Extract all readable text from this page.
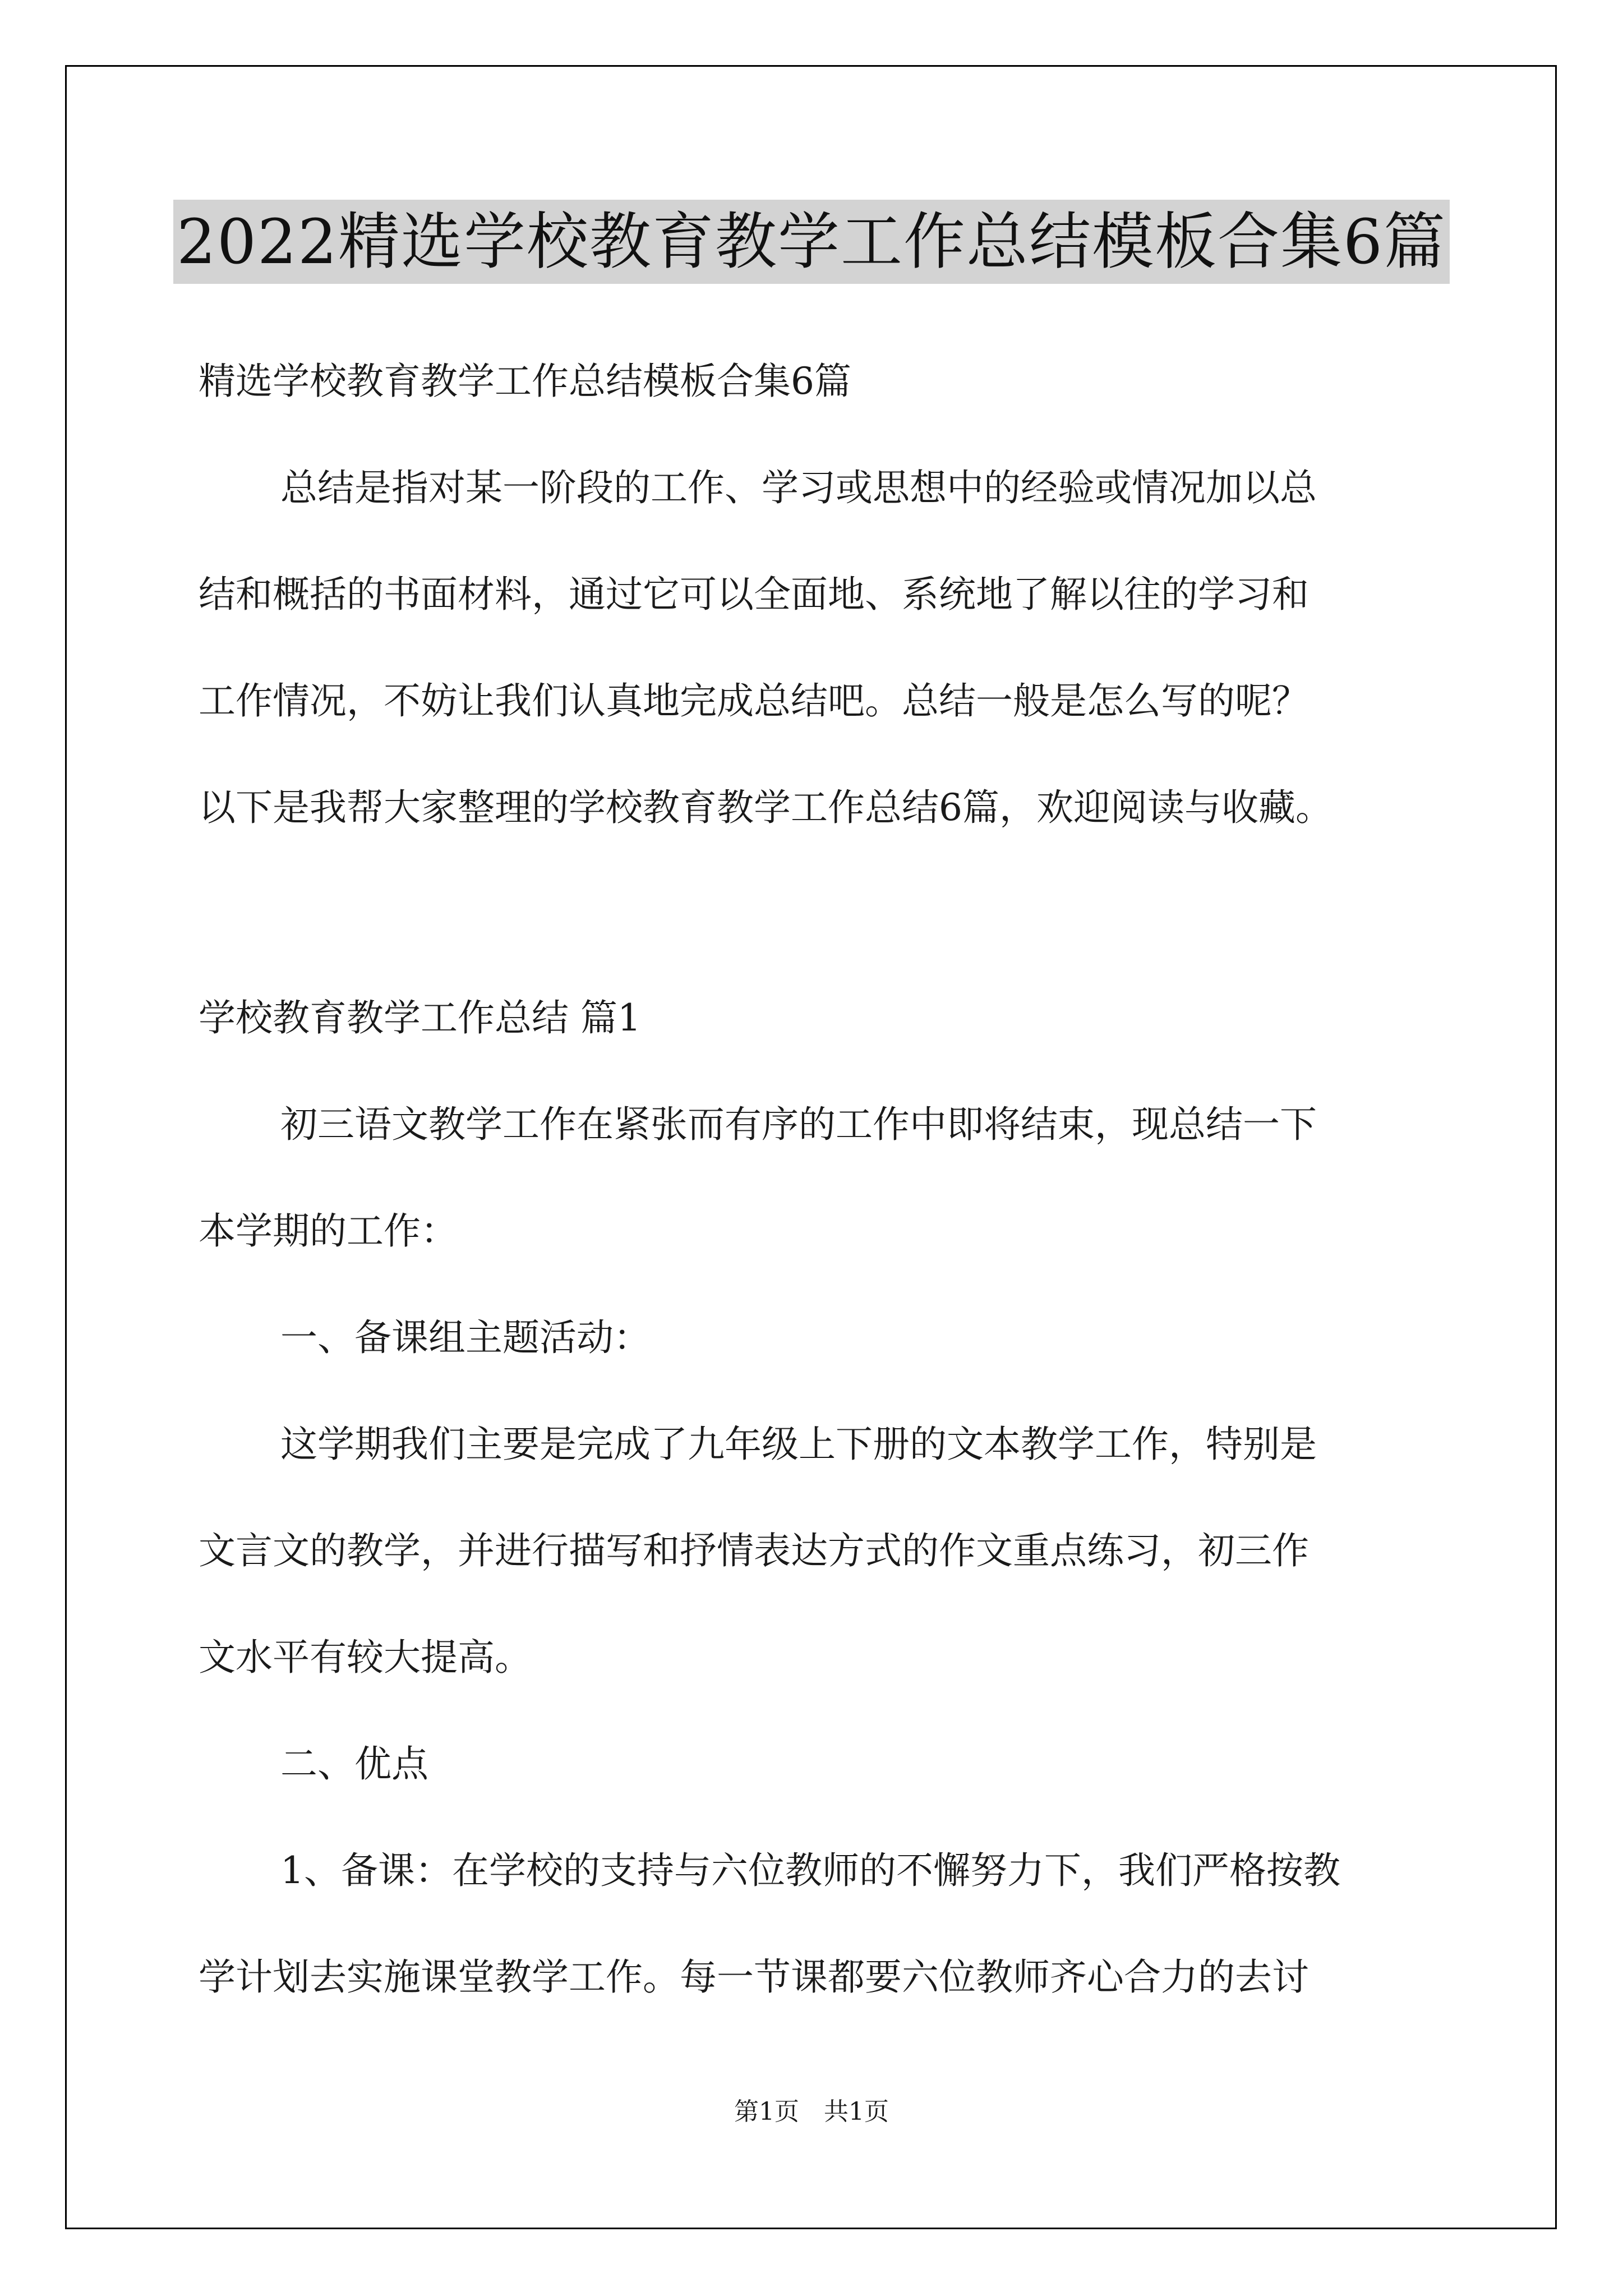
2022精选学校教育教学工作总结模板合集6篇
精选学校教育教学工作总结模板合集6篇
总结是指对某一阶段的工作、学习或思想中的经验或情况加以总
结和概括的书面材料，通过它可以全面地、系统地了解以往的学习和
工作情况，不妨让我们认真地完成总结吧。总结一般是怎么写的呢？
以下是我帮大家整理的学校教育教学工作总结6篇，欢迎阅读与收藏。
学校教育教学工作总结 篇1
初三语文教学工作在紧张而有序的工作中即将结束，现总结一下
本学期的工作：
一、备课组主题活动：
这学期我们主要是完成了九年级上下册的文本教学工作，特别是
文言文的教学，并进行描写和抒情表达方式的作文重点练习，初三作
文水平有较大提高。
二、优点
1、备课：在学校的支持与六位教师的不懈努力下，我们严格按教
学计划去实施课堂教学工作。每一节课都要六位教师齐心合力的去讨
第1页 共1页
